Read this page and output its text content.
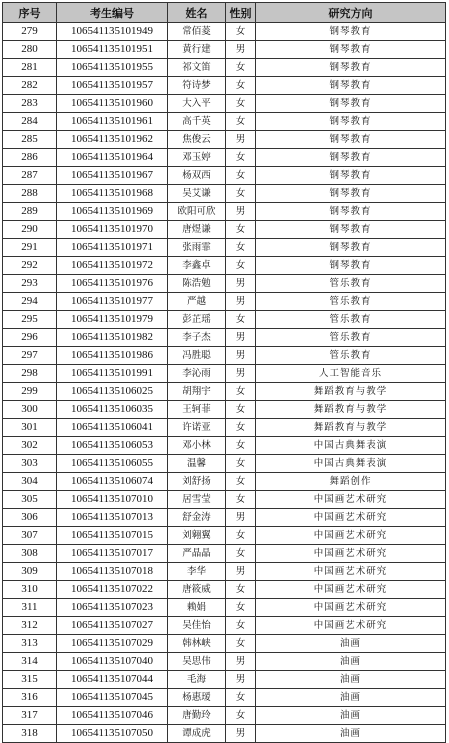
序号	考生编号	姓名	性别	研究方向
279	106541135101949	常佰菱	女	钢琴教育
280	106541135101951	黄行建	男	钢琴教育
281	106541135101955	祁文笛	女	钢琴教育
282	106541135101957	符诗梦	女	钢琴教育
283	106541135101960	大入平	女	钢琴教育
284	106541135101961	高千英	女	钢琴教育
285	106541135101962	焦俊云	男	钢琴教育
286	106541135101964	邓玉婷	女	钢琴教育
287	106541135101967	杨双西	女	钢琴教育
288	106541135101968	吴艾谦	女	钢琴教育
289	106541135101969	欧阳可欣	男	钢琴教育
290	106541135101970	唐煜谦	女	钢琴教育
291	106541135101971	张雨霏	女	钢琴教育
292	106541135101972	李鑫卓	女	钢琴教育
293	106541135101976	陈浩勉	男	管乐教育
294	106541135101977	严越	男	管乐教育
295	106541135101979	彭芷瑶	女	管乐教育
296	106541135101982	李子杰	男	管乐教育
297	106541135101986	冯胜聪	男	管乐教育
298	106541135101991	李沁雨	男	人工智能音乐
299	106541135106025	胡翔宇	女	舞蹈教育与教学
300	106541135106035	王轲菲	女	舞蹈教育与教学
301	106541135106041	许诺亚	女	舞蹈教育与教学
302	106541135106053	邓小林	女	中国古典舞表演
303	106541135106055	温馨	女	中国古典舞表演
304	106541135106074	刘舒扬	女	舞蹈创作
305	106541135107010	居雪莹	女	中国画艺术研究
306	106541135107013	舒金涛	男	中国画艺术研究
307	106541135107015	刘翱翼	女	中国画艺术研究
308	106541135107017	严晶晶	女	中国画艺术研究
309	106541135107018	李华	男	中国画艺术研究
310	106541135107022	唐筱威	女	中国画艺术研究
311	106541135107023	赖娟	女	中国画艺术研究
312	106541135107027	吴佳怡	女	中国画艺术研究
313	106541135107029	韩林峡	女	油画
314	106541135107040	吴思伟	男	油画
315	106541135107044	毛海	男	油画
316	106541135107045	杨惠瑷	女	油画
317	106541135107046	唐勤玲	女	油画
318	106541135107050	谭成虎	男	油画
